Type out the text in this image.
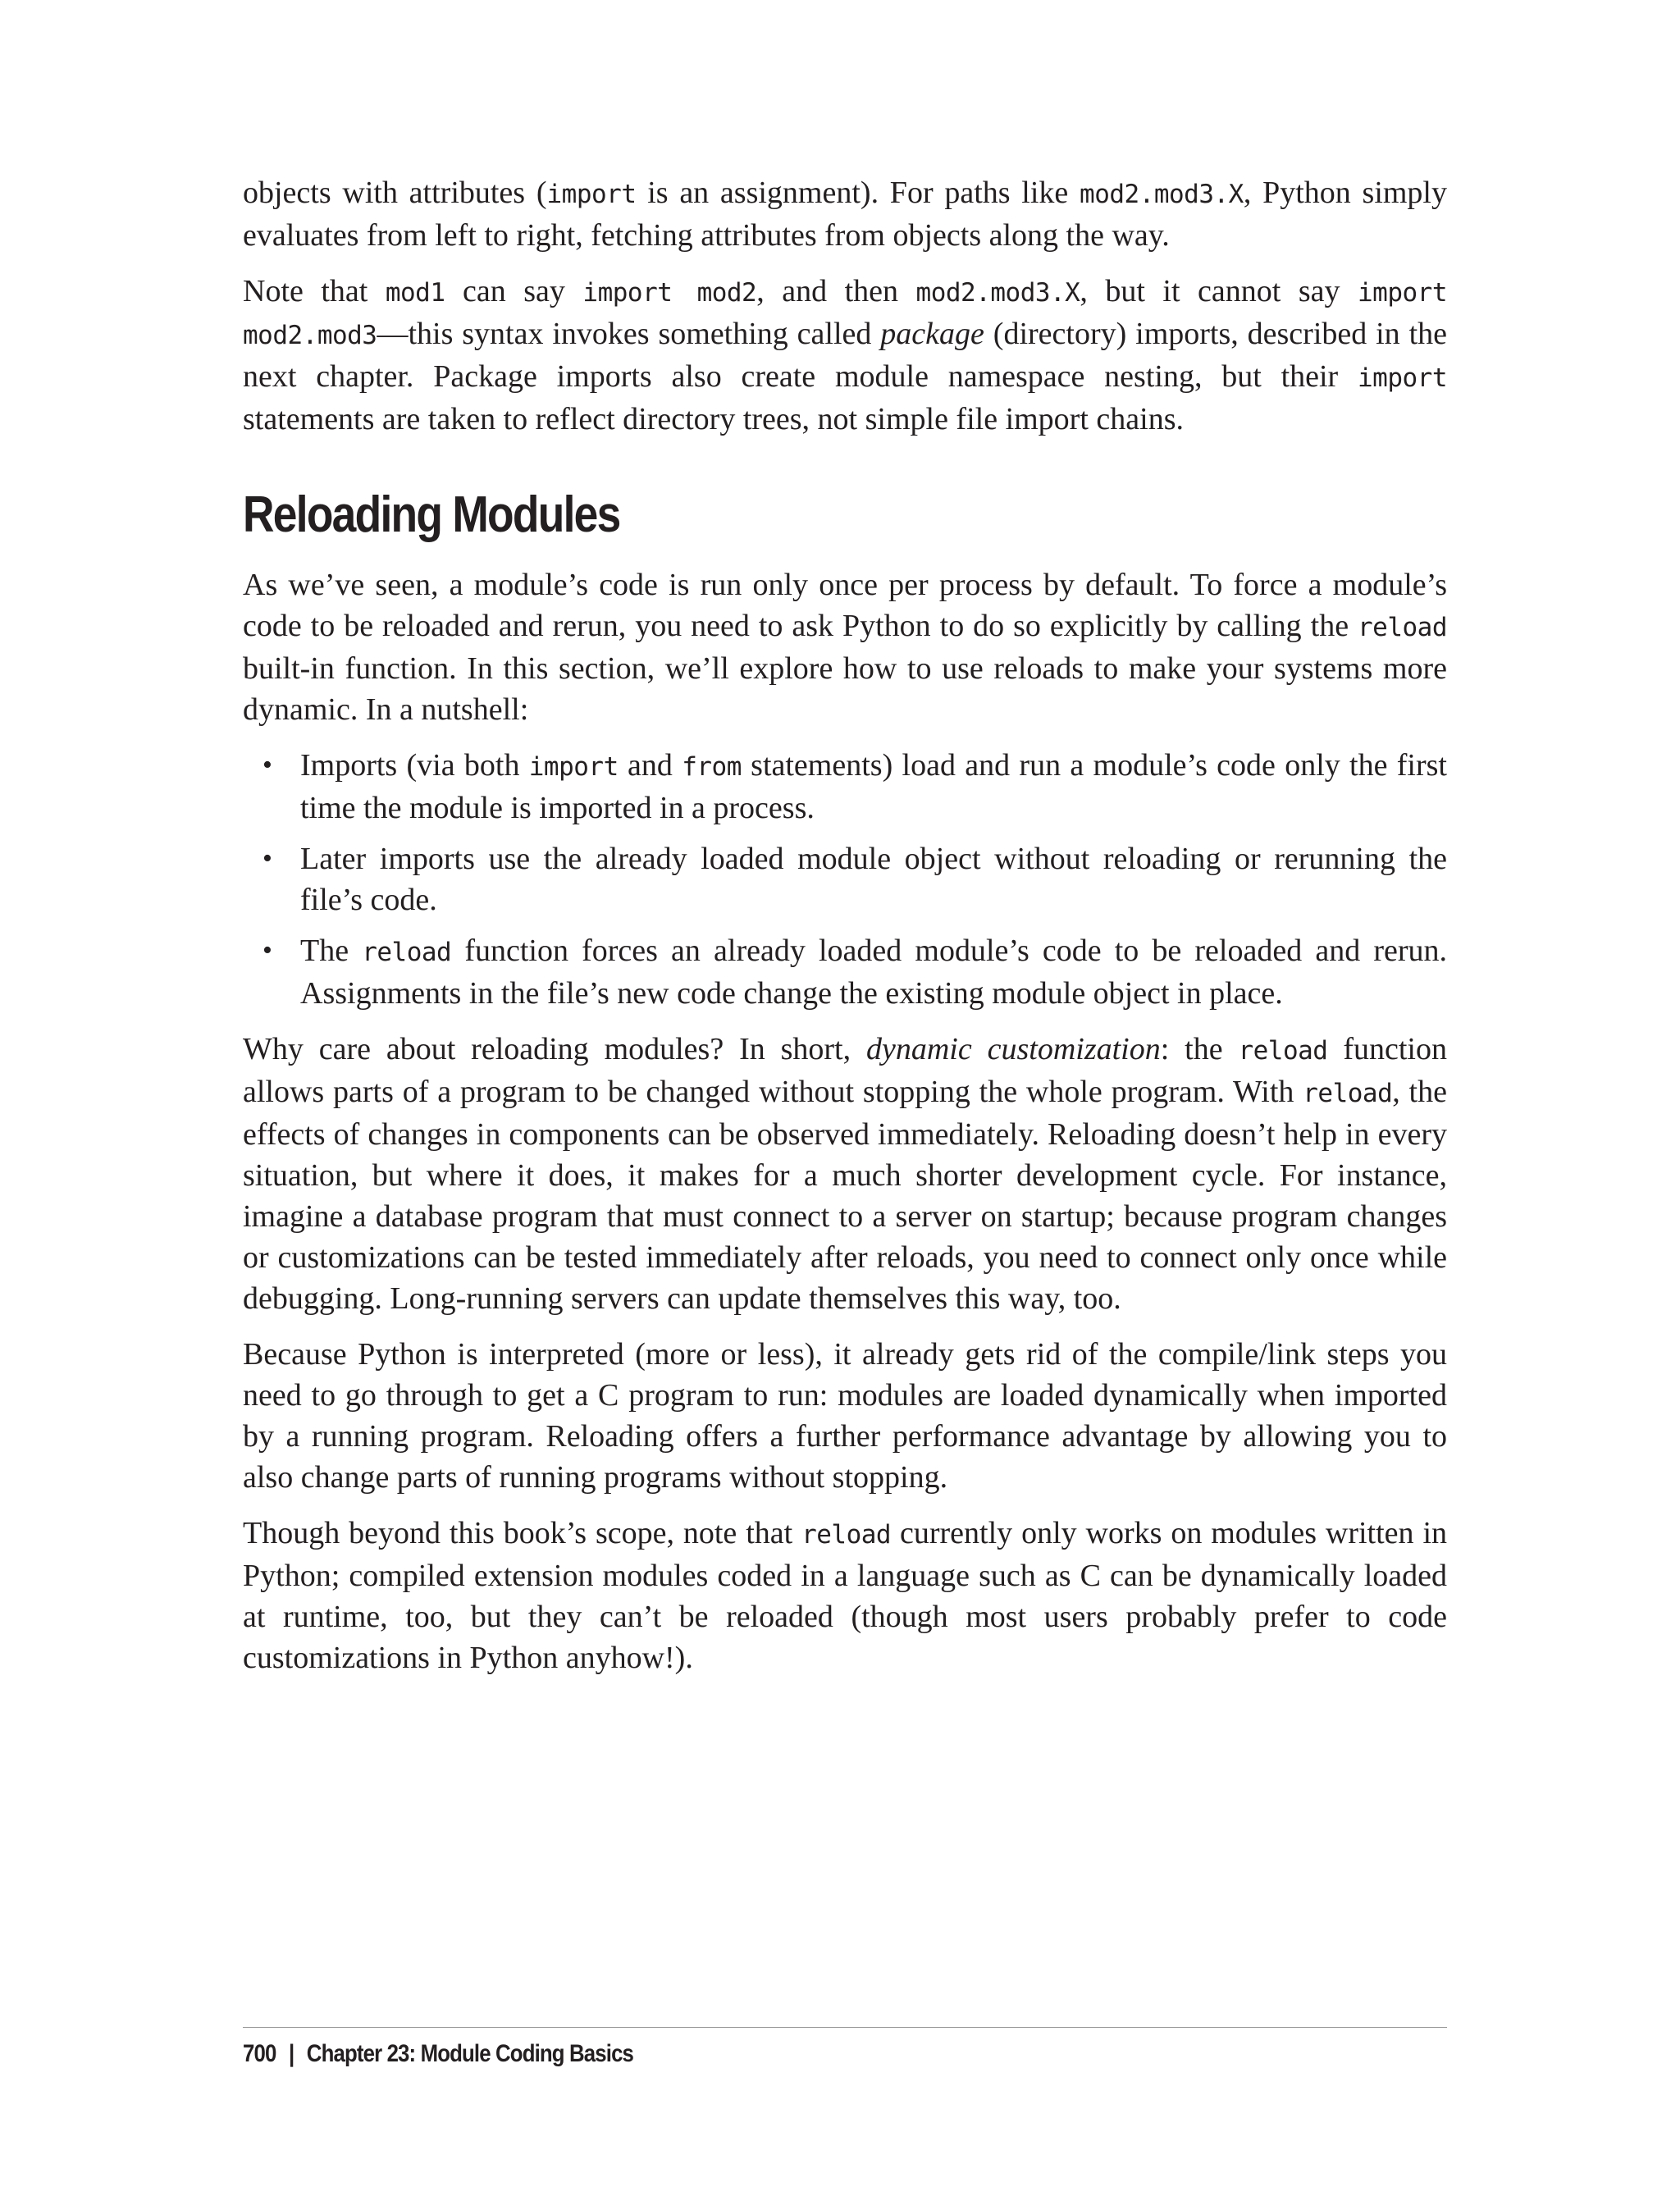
objects with attributes (import is an assignment). For paths like mod2.mod3.X, Python simply evaluates from left to right, fetching attributes from objects along the way.

Note that mod1 can say import mod2, and then mod2.mod3.X, but it cannot say import mod2.mod3—this syntax invokes something called package (directory) imports, described in the next chapter. Package imports also create module namespace nesting, but their import statements are taken to reflect directory trees, not simple file import chains.

Reloading Modules

As we’ve seen, a module’s code is run only once per process by default. To force a module’s code to be reloaded and rerun, you need to ask Python to do so explicitly by calling the reload built-in function. In this section, we’ll explore how to use reloads to make your systems more dynamic. In a nutshell:

• Imports (via both import and from statements) load and run a module’s code only the first time the module is imported in a process.
• Later imports use the already loaded module object without reloading or rerunning the file’s code.
• The reload function forces an already loaded module’s code to be reloaded and rerun. Assignments in the file’s new code change the existing module object in place.

Why care about reloading modules? In short, dynamic customization: the reload function allows parts of a program to be changed without stopping the whole program. With reload, the effects of changes in components can be observed immediately. Reloading doesn’t help in every situation, but where it does, it makes for a much shorter development cycle. For instance, imagine a database program that must connect to a server on startup; because program changes or customizations can be tested immediately after reloads, you need to connect only once while debugging. Long-running servers can update themselves this way, too.

Because Python is interpreted (more or less), it already gets rid of the compile/link steps you need to go through to get a C program to run: modules are loaded dynamically when imported by a running program. Reloading offers a further performance advantage by allowing you to also change parts of running programs without stopping.

Though beyond this book’s scope, note that reload currently only works on modules written in Python; compiled extension modules coded in a language such as C can be dynamically loaded at runtime, too, but they can’t be reloaded (though most users probably prefer to code customizations in Python anyhow!).

700 | Chapter 23: Module Coding Basics
